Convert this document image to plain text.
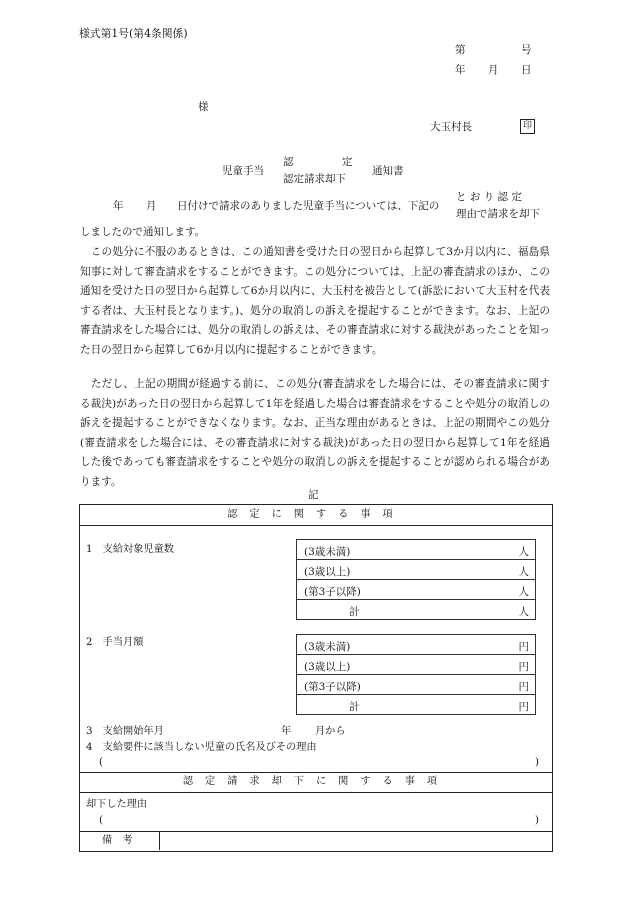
様式第1号(第4条関係)
第	号
年 月 日
様
大玉村長	印
児童手当
認	定
認定請求却下
通知書
年 月 日付けで請求のありました児童手当については、下記の
と お り 認 定
理由で請求を却下
しましたので通知します。
　この処分に不服のあるときは、この通知書を受けた日の翌日から起算して3か月以内に、福島県知事に対して審査請求をすることができます。この処分については、上記の審査請求のほか、この通知を受けた日の翌日から起算して6か月以内に、大玉村を被告として(訴訟において大玉村を代表する者は、大玉村長となります。)、処分の取消しの訴えを提起することができます。なお、上記の審査請求をした場合には、処分の取消しの訴えは、その審査請求に対する裁決があったことを知った日の翌日から起算して6か月以内に提起することができます。
　ただし、上記の期間が経過する前に、この処分(審査請求をした場合には、その審査請求に関する裁決)があった日の翌日から起算して1年を経過した場合は審査請求をすることや処分の取消しの訴えを提起することができなくなります。なお、正当な理由があるときは、上記の期間やこの処分(審査請求をした場合には、その審査請求に対する裁決)があった日の翌日から起算して1年を経過した後であっても審査請求をすることや処分の取消しの訴えを提起することが認められる場合があります。
記
認定に関する事項
1　支給対象児童数	(3歳未満)	人
(3歳以上)	人
(第3子以降)	人
計	人
2　手当月額	(3歳未満)	円
(3歳以上)	円
(第3子以降)	円
計	円
3　支給開始年月	年 月から
4　支給要件に該当しない児童の氏名及びその理由
(	)
認定請求却下に関する事項
却下した理由
(	)
備　考
